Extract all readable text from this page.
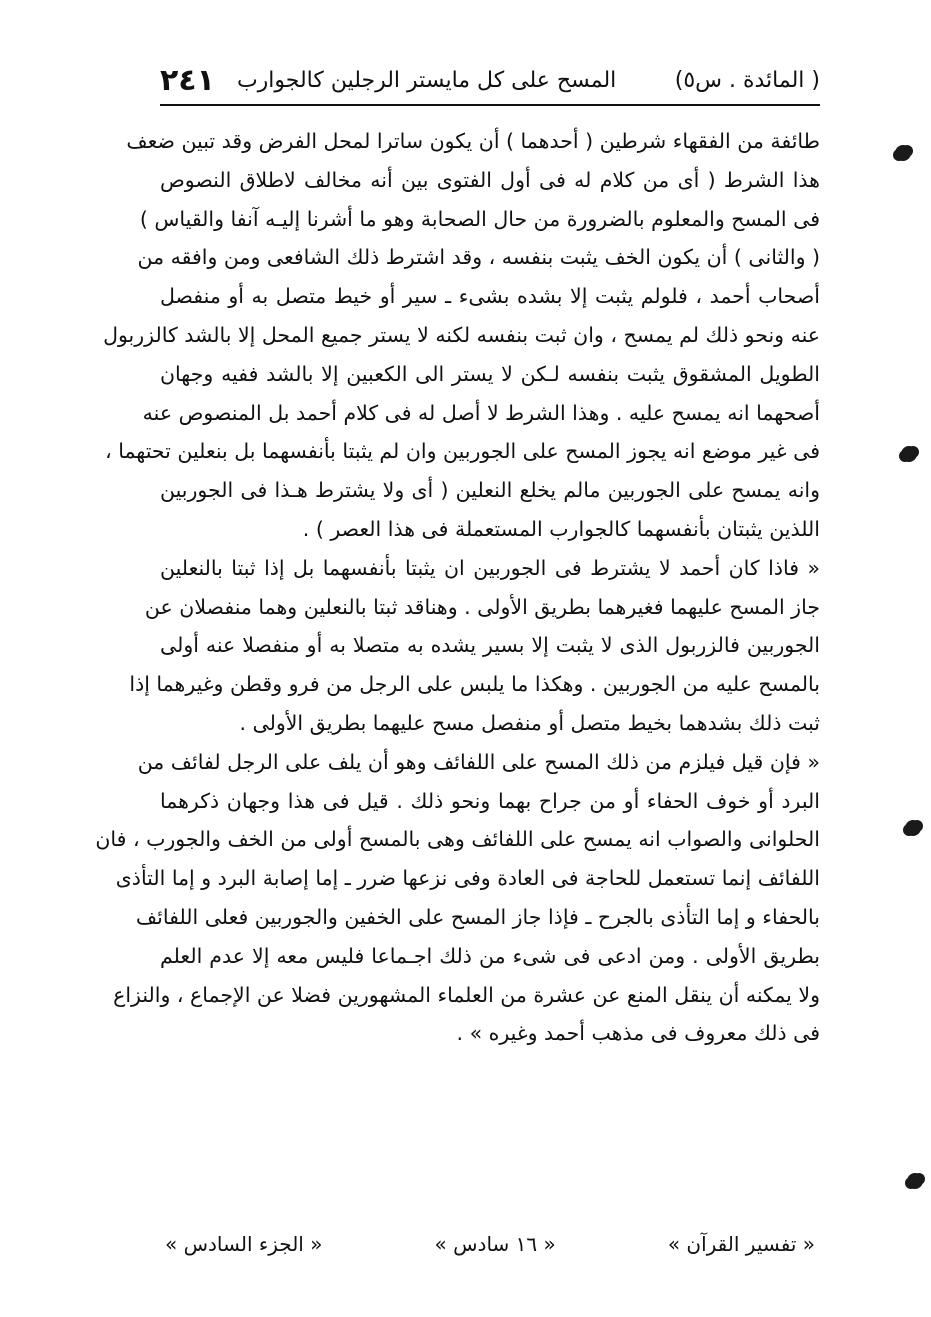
( المائدة . س٥)
المسح على كل مايستر الرجلين كالجوارب
٢٤١

طائفة من الفقهاء شرطين ( أحدهما ) أن يكون ساترا لمحل الفرض وقد تبين ضعف
هذا الشرط ( أى من كلام له فى أول الفتوى بين أنه مخالف لاطلاق النصوص
فى المسح والمعلوم بالضرورة من حال الصحابة وهو ما أشرنا إليـه آنفا والقياس )
( والثانى ) أن يكون الخف يثبت بنفسه ، وقد اشترط ذلك الشافعى ومن وافقه من
أصحاب أحمد ، فلولم يثبت إلا بشده بشىء ـ سير أو خيط متصل به أو منفصل
عنه ونحو ذلك لم يمسح ، وان ثبت بنفسه لكنه لا يستر جميع المحل إلا بالشد كالزربول
الطويل المشقوق يثبت بنفسه لـكن لا يستر الى الكعبين إلا بالشد ففيه وجهان
أصحهما انه يمسح عليه . وهذا الشرط لا أصل له فى كلام أحمد بل المنصوص عنه
فى غير موضع انه يجوز المسح على الجوربين وان لم يثبتا بأنفسهما بل بنعلين تحتهما ،
وانه يمسح على الجوربين مالم يخلع النعلين ( أى ولا يشترط هـذا فى الجوربين
اللذين يثبتان بأنفسهما كالجوارب المستعملة فى هذا العصر ) .

« فاذا كان أحمد لا يشترط فى الجوربين ان يثبتا بأنفسهما بل إذا ثبتا بالنعلين
جاز المسح عليهما فغيرهما بطريق الأولى . وهناقد ثبتا بالنعلين وهما منفصلان عن
الجوربين فالزربول الذى لا يثبت إلا بسير يشده به متصلا به أو منفصلا عنه أولى
بالمسح عليه من الجوربين . وهكذا ما يلبس على الرجل من فرو وقطن وغيرهما إذا
ثبت ذلك بشدهما بخيط متصل أو منفصل مسح عليهما بطريق الأولى .

« فإن قيل فيلزم من ذلك المسح على اللفائف وهو أن يلف على الرجل لفائف من
البرد أو خوف الحفاء أو من جراح بهما ونحو ذلك . قيل فى هذا وجهان ذكرهما
الحلوانى والصواب انه يمسح على اللفائف وهى بالمسح أولى من الخف والجورب ، فان
اللفائف إنما تستعمل للحاجة فى العادة وفى نزعها ضرر ـ إما إصابة البرد و إما التأذى
بالحفاء و إما التأذى بالجرح ـ فإذا جاز المسح على الخفين والجوربين فعلى اللفائف
بطريق الأولى . ومن ادعى فى شىء من ذلك اجـماعا فليس معه إلا عدم العلم
ولا يمكنه أن ينقل المنع عن عشرة من العلماء المشهورين فضلا عن الإجماع ، والنزاع
فى ذلك معروف فى مذهب أحمد وغيره » .

« تفسير القرآن »
« ١٦ سادس »
« الجزء السادس »
